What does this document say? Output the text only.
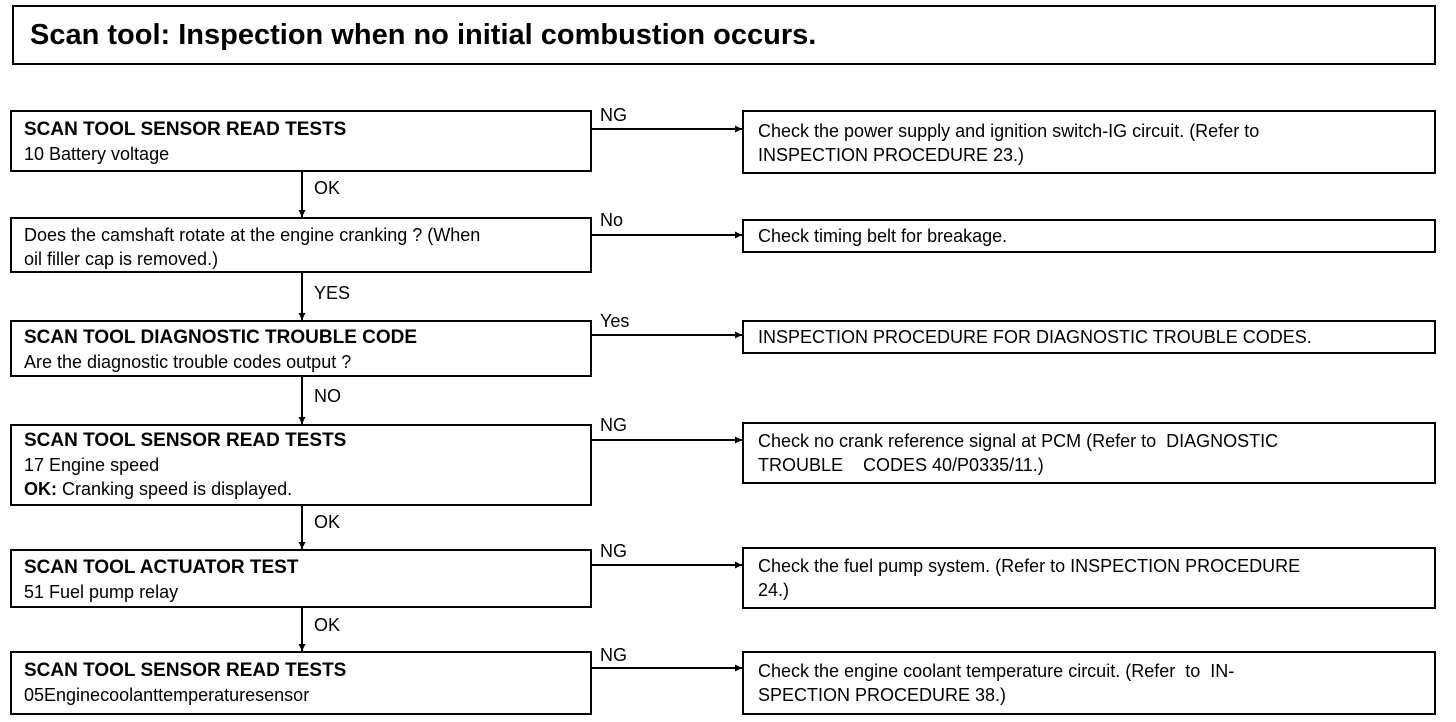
Scan tool: Inspection when no initial combustion occurs.
SCAN TOOL SENSOR READ TESTS
10 Battery voltage
Does the camshaft rotate at the engine cranking ? (When
oil filler cap is removed.)
SCAN TOOL DIAGNOSTIC TROUBLE CODE
Are the diagnostic trouble codes output ?
SCAN TOOL SENSOR READ TESTS
17 Engine speed
OK: Cranking speed is displayed.
SCAN TOOL ACTUATOR TEST
51 Fuel pump relay
SCAN TOOL SENSOR READ TESTS
05Enginecoolanttemperaturesensor
NG
No
Yes
NG
NG
NG
OK
YES
NO
OK
OK
Check the power supply and ignition switch-IG circuit. (Refer to
INSPECTION PROCEDURE 23.)
Check timing belt for breakage.
INSPECTION PROCEDURE FOR DIAGNOSTIC TROUBLE CODES.
Check no crank reference signal at PCM (Refer to  DIAGNOSTIC
TROUBLE    CODES 40/P0335/11.)
Check the fuel pump system. (Refer to INSPECTION PROCEDURE
24.)
Check the engine coolant temperature circuit. (Refer  to  IN-
SPECTION PROCEDURE 38.)
